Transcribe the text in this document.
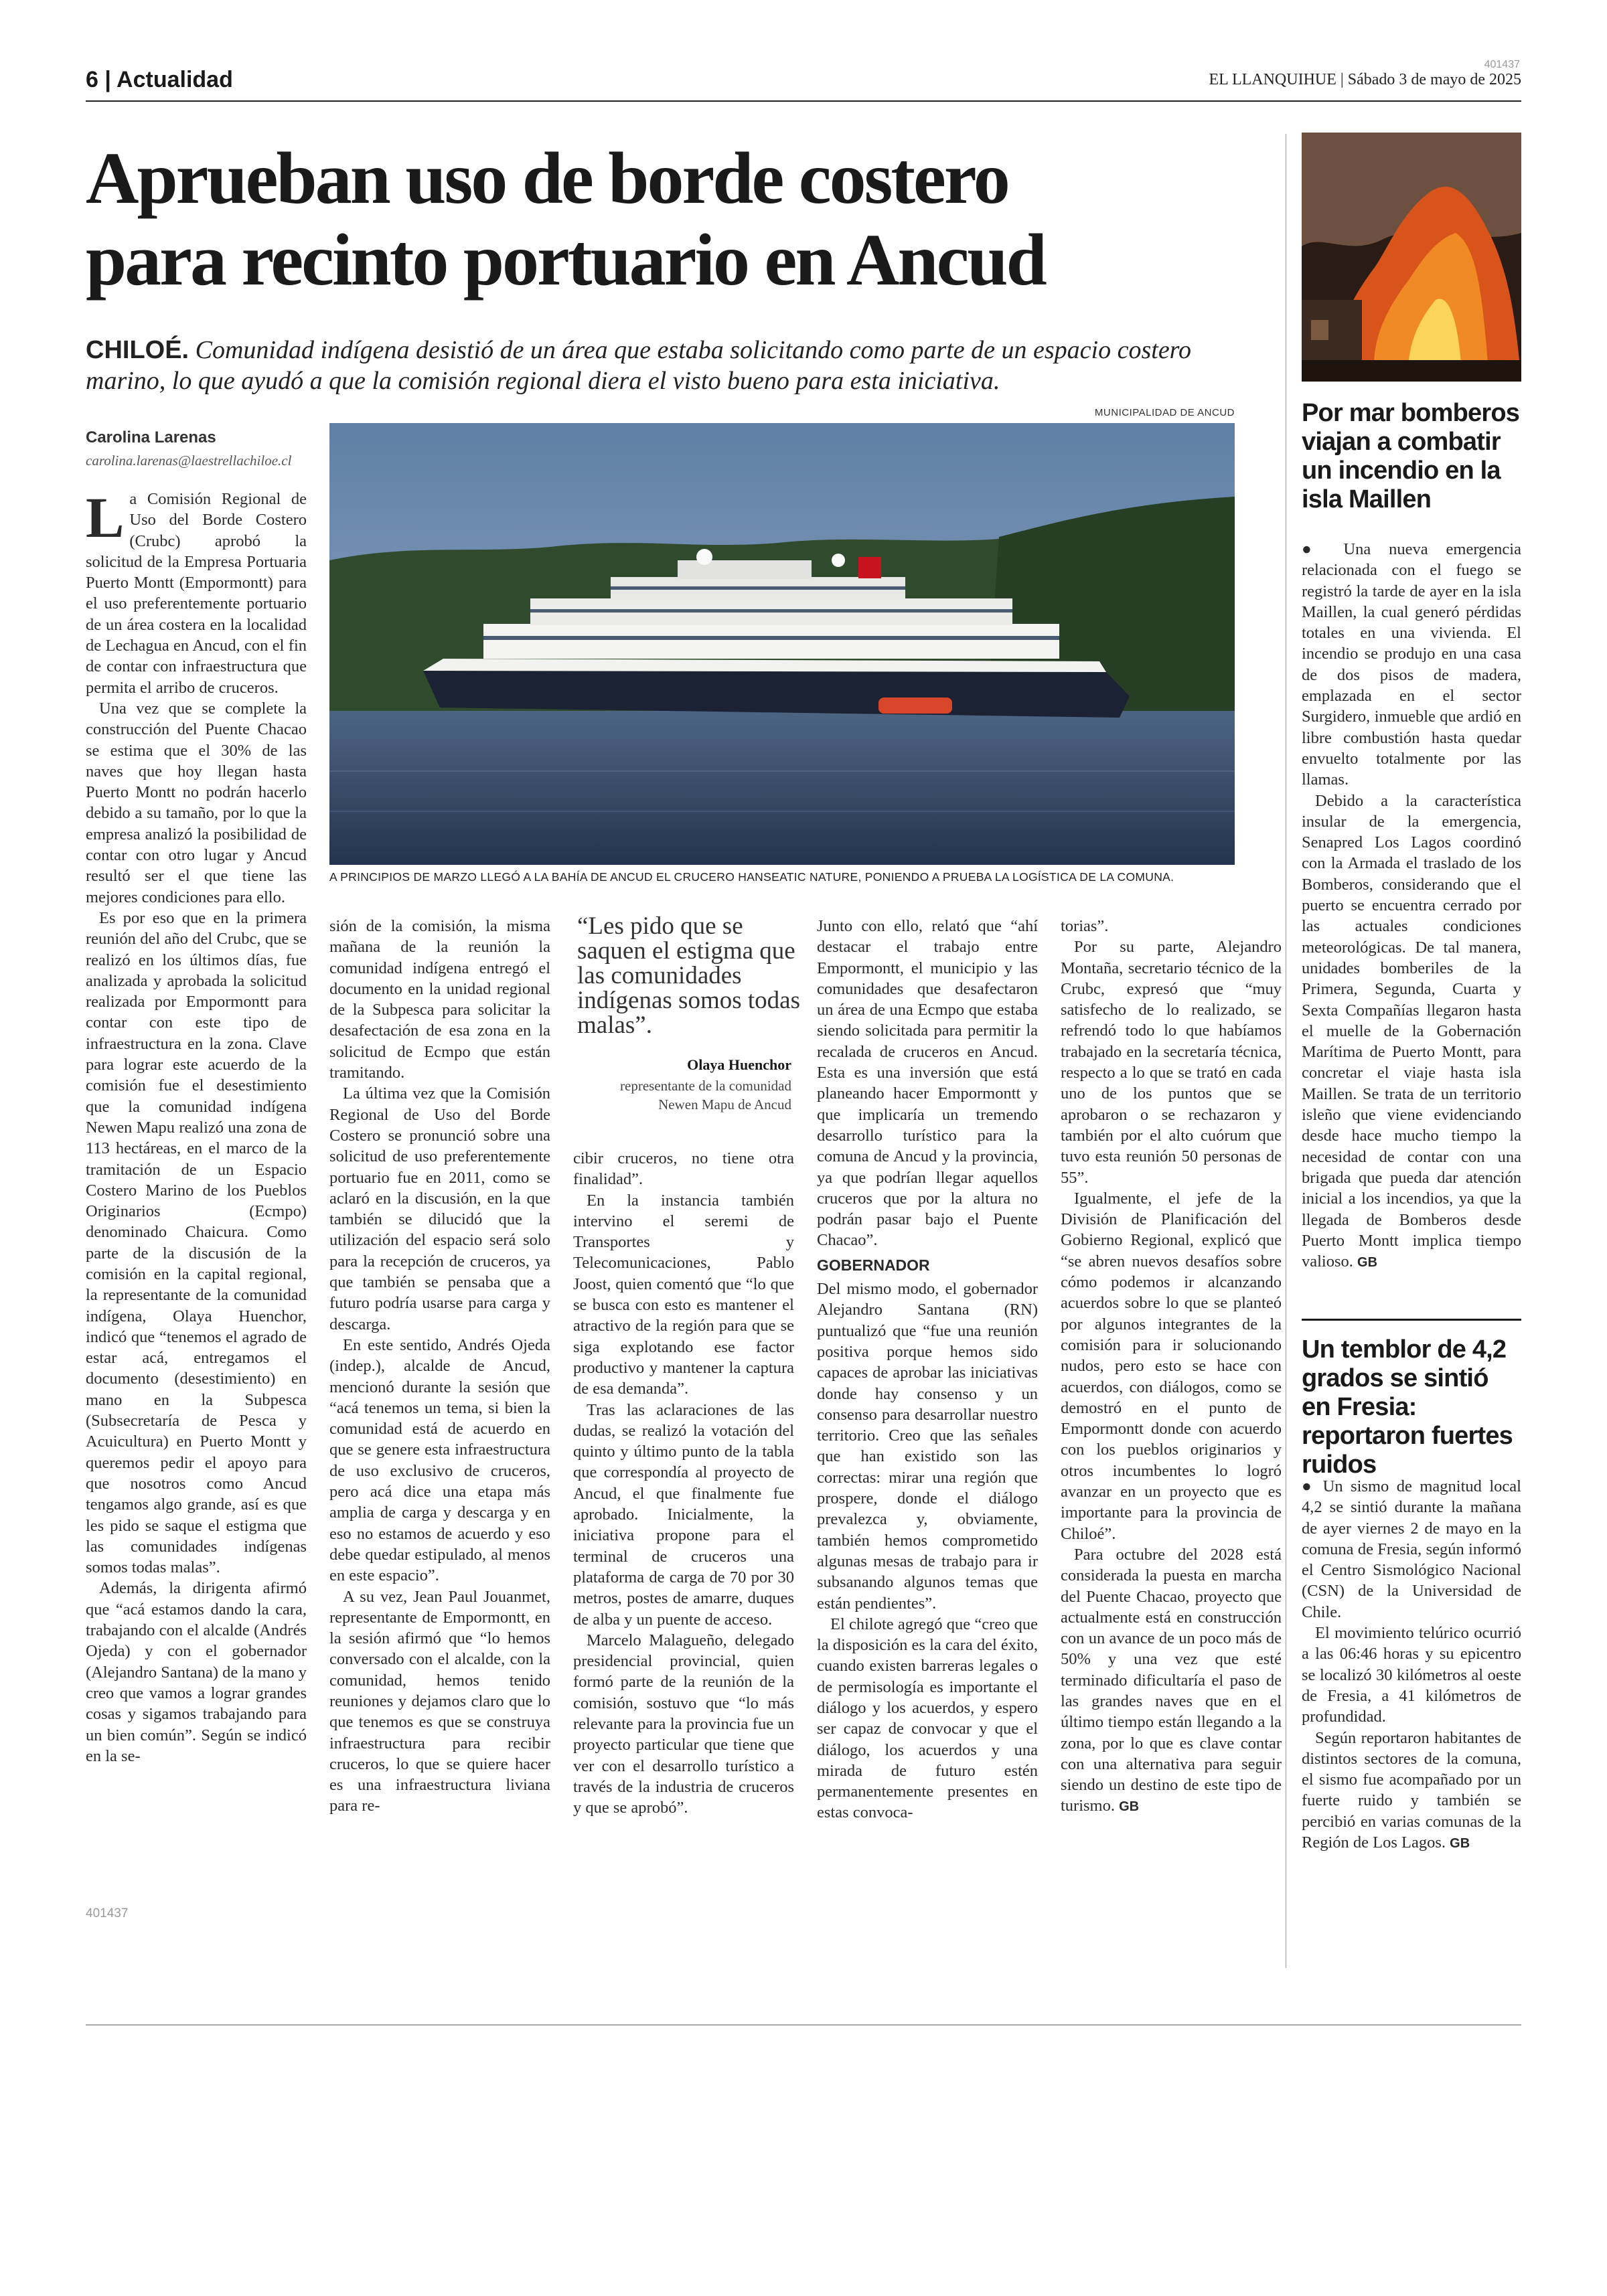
6 | Actualidad
401437
EL LLANQUIHUE | Sábado 3 de mayo de 2025
Aprueban uso de borde costero
para recinto portuario en Ancud
CHILOÉ. Comunidad indígena desistió de un área que estaba solicitando como parte de un espacio costero marino, lo que ayudó a que la comisión regional diera el visto bueno para esta iniciativa.
Carolina Larenas
carolina.larenas@laestrellachiloe.cl
MUNICIPALIDAD DE ANCUD
A PRINCIPIOS DE MARZO LLEGÓ A LA BAHÍA DE ANCUD EL CRUCERO HANSEATIC NATURE, PONIENDO A PRUEBA LA LOGÍSTICA DE LA COMUNA.

La Comisión Regional de Uso del Borde Costero (Crubc) aprobó la solicitud de la Empresa Portuaria Puerto Montt (Empormontt) para el uso preferentemente portuario de un área costera en la localidad de Lechagua en Ancud, con el fin de contar con infraestructura que permita el arribo de cruceros.

Una vez que se complete la construcción del Puente Chacao se estima que el 30% de las naves que hoy llegan hasta Puerto Montt no podrán hacerlo debido a su tamaño, por lo que la empresa analizó la posibilidad de contar con otro lugar y Ancud resultó ser el que tiene las mejores condiciones para ello.

Es por eso que en la primera reunión del año del Crubc, que se realizó en los últimos días, fue analizada y aprobada la solicitud realizada por Empormontt para contar con este tipo de infraestructura en la zona. Clave para lograr este acuerdo de la comisión fue el desestimiento que la comunidad indígena Newen Mapu realizó una zona de 113 hectáreas, en el marco de la tramitación de un Espacio Costero Marino de los Pueblos Originarios (Ecmpo) denominado Chaicura. Como parte de la discusión de la comisión en la capital regional, la representante de la comunidad indígena, Olaya Huenchor, indicó que “tenemos el agrado de estar acá, entregamos el documento (desestimiento) en mano en la Subpesca (Subsecretaría de Pesca y Acuicultura) en Puerto Montt y queremos pedir el apoyo para que nosotros como Ancud tengamos algo grande, así es que les pido se saque el estigma que las comunidades indígenas somos todas malas”.

Además, la dirigenta afirmó que “acá estamos dando la cara, trabajando con el alcalde (Andrés Ojeda) y con el gobernador (Alejandro Santana) de la mano y creo que vamos a lograr grandes cosas y sigamos trabajando para un bien común”. Según se indicó en la se-

sión de la comisión, la misma mañana de la reunión la comunidad indígena entregó el documento en la unidad regional de la Subpesca para solicitar la desafectación de esa zona en la solicitud de Ecmpo que están tramitando.

La última vez que la Comisión Regional de Uso del Borde Costero se pronunció sobre una solicitud de uso preferentemente portuario fue en 2011, como se aclaró en la discusión, en la que también se dilucidó que la utilización del espacio será solo para la recepción de cruceros, ya que también se pensaba que a futuro podría usarse para carga y descarga.

En este sentido, Andrés Ojeda (indep.), alcalde de Ancud, mencionó durante la sesión que “acá tenemos un tema, si bien la comunidad está de acuerdo en que se genere esta infraestructura de uso exclusivo de cruceros, pero acá dice una etapa más amplia de carga y descarga y en eso no estamos de acuerdo y eso debe quedar estipulado, al menos en este espacio”.

A su vez, Jean Paul Jouanmet, representante de Empormontt, en la sesión afirmó que “lo hemos conversado con el alcalde, con la comunidad, hemos tenido reuniones y dejamos claro que lo que tenemos es que se construya infraestructura para recibir cruceros, lo que se quiere hacer es una infraestructura liviana para re-

“Les pido que se saquen el estigma que las comunidades indígenas somos todas malas”.
Olaya Huenchor
representante de la comunidad Newen Mapu de Ancud

cibir cruceros, no tiene otra finalidad”.

En la instancia también intervino el seremi de Transportes y Telecomunicaciones, Pablo Joost, quien comentó que “lo que se busca con esto es mantener el atractivo de la región para que se siga explotando ese factor productivo y mantener la captura de esa demanda”.

Tras las aclaraciones de las dudas, se realizó la votación del quinto y último punto de la tabla que correspondía al proyecto de Ancud, el que finalmente fue aprobado. Inicialmente, la iniciativa propone para el terminal de cruceros una plataforma de carga de 70 por 30 metros, postes de amarre, duques de alba y un puente de acceso.

Marcelo Malagueño, delegado presidencial provincial, quien formó parte de la reunión de la comisión, sostuvo que “lo más relevante para la provincia fue un proyecto particular que tiene que ver con el desarrollo turístico a través de la industria de cruceros y que se aprobó”.

Junto con ello, relató que “ahí destacar el trabajo entre Empormontt, el municipio y las comunidades que desafectaron un área de una Ecmpo que estaba siendo solicitada para permitir la recalada de cruceros en Ancud. Esta es una inversión que está planeando hacer Empormontt y que implicaría un tremendo desarrollo turístico para la comuna de Ancud y la provincia, ya que podrían llegar aquellos cruceros que por la altura no podrán pasar bajo el Puente Chacao”.

GOBERNADOR

Del mismo modo, el gobernador Alejandro Santana (RN) puntualizó que “fue una reunión positiva porque hemos sido capaces de aprobar las iniciativas donde hay consenso y un consenso para desarrollar nuestro territorio. Creo que las señales que han existido son las correctas: mirar una región que prospere, donde el diálogo prevalezca y, obviamente, también hemos comprometido algunas mesas de trabajo para ir subsanando algunos temas que están pendientes”.

El chilote agregó que “creo que la disposición es la cara del éxito, cuando existen barreras legales o de permisología es importante el diálogo y los acuerdos, y espero ser capaz de convocar y que el diálogo, los acuerdos y una mirada de futuro estén permanentemente presentes en estas convoca-

torias”.

Por su parte, Alejandro Montaña, secretario técnico de la Crubc, expresó que “muy satisfecho de lo realizado, se refrendó todo lo que habíamos trabajado en la secretaría técnica, respecto a lo que se trató en cada uno de los puntos que se aprobaron o se rechazaron y también por el alto cuórum que tuvo esta reunión 50 personas de 55”.

Igualmente, el jefe de la División de Planificación del Gobierno Regional, explicó que “se abren nuevos desafíos sobre cómo podemos ir alcanzando acuerdos sobre lo que se planteó por algunos integrantes de la comisión para ir solucionando nudos, pero esto se hace con acuerdos, con diálogos, como se demostró en el punto de Empormontt donde con acuerdo con los pueblos originarios y otros incumbentes lo logró avanzar en un proyecto que es importante para la provincia de Chiloé”.

Para octubre del 2028 está considerada la puesta en marcha del Puente Chacao, proyecto que actualmente está en construcción con un avance de un poco más de 50% y una vez que esté terminado dificultaría el paso de las grandes naves que en el último tiempo están llegando a la zona, por lo que es clave contar con una alternativa para seguir siendo un destino de este tipo de turismo. GB

Por mar bomberos viajan a combatir un incendio en la isla Maillen

● Una nueva emergencia relacionada con el fuego se registró la tarde de ayer en la isla Maillen, la cual generó pérdidas totales en una vivienda. El incendio se produjo en una casa de dos pisos de madera, emplazada en el sector Surgidero, inmueble que ardió en libre combustión hasta quedar envuelto totalmente por las llamas.

Debido a la característica insular de la emergencia, Senapred Los Lagos coordinó con la Armada el traslado de los Bomberos, considerando que el puerto se encuentra cerrado por las actuales condiciones meteorológicas. De tal manera, unidades bomberiles de la Primera, Segunda, Cuarta y Sexta Compañías llegaron hasta el muelle de la Gobernación Marítima de Puerto Montt, para concretar el viaje hasta isla Maillen. Se trata de un territorio isleño que viene evidenciando desde hace mucho tiempo la necesidad de contar con una brigada que pueda dar atención inicial a los incendios, ya que la llegada de Bomberos desde Puerto Montt implica tiempo valioso. GB

Un temblor de 4,2 grados se sintió en Fresia: reportaron fuertes ruidos

● Un sismo de magnitud local 4,2 se sintió durante la mañana de ayer viernes 2 de mayo en la comuna de Fresia, según informó el Centro Sismológico Nacional (CSN) de la Universidad de Chile.

El movimiento telúrico ocurrió a las 06:46 horas y su epicentro se localizó 30 kilómetros al oeste de Fresia, a 41 kilómetros de profundidad.

Según reportaron habitantes de distintos sectores de la comuna, el sismo fue acompañado por un fuerte ruido y también se percibió en varias comunas de la Región de Los Lagos. GB

401437
